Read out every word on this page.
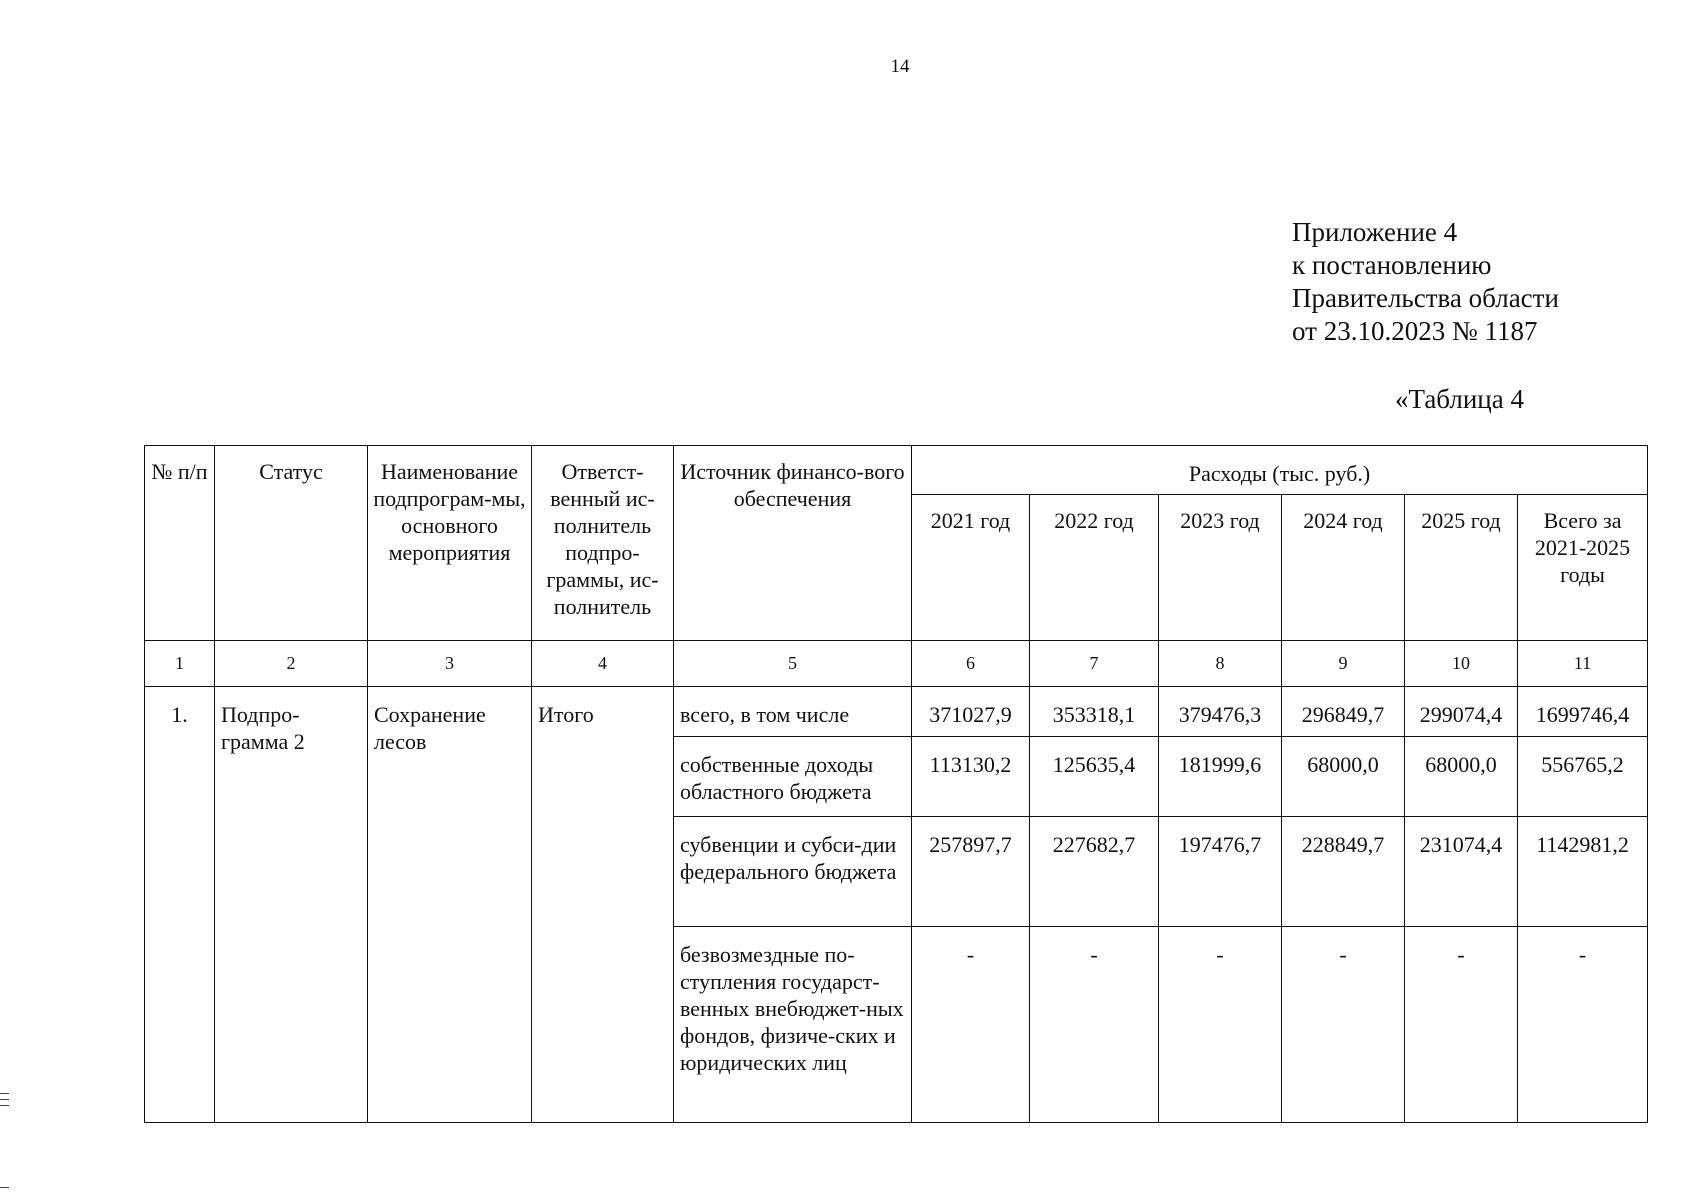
14
Приложение 4
к постановлению
Правительства области
от 23.10.2023 № 1187
«Таблица 4
№ п/п	Статус	Наименование подпрограм-мы, основного мероприятия	Ответст-венный ис-полнитель подпро-граммы, ис-полнитель	Источник финансо-вого обеспечения	Расходы (тыс. руб.)					
					2021 год	2022 год	2023 год	2024 год	2025 год	Всего за 2021-2025 годы
1	2	3	4	5	6	7	8	9	10	11
1.	Подпро-грамма 2	Сохранение лесов	Итого	всего, в том числе	371027,9	353318,1	379476,3	296849,7	299074,4	1699746,4
				собственные доходы областного бюджета	113130,2	125635,4	181999,6	68000,0	68000,0	556765,2
				субвенции и субси-дии федерального бюджета	257897,7	227682,7	197476,7	228849,7	231074,4	1142981,2
				безвозмездные по-ступления государст-венных внебюджет-ных фондов, физиче-ских и юридических лиц	-	-	-	-	-	-
